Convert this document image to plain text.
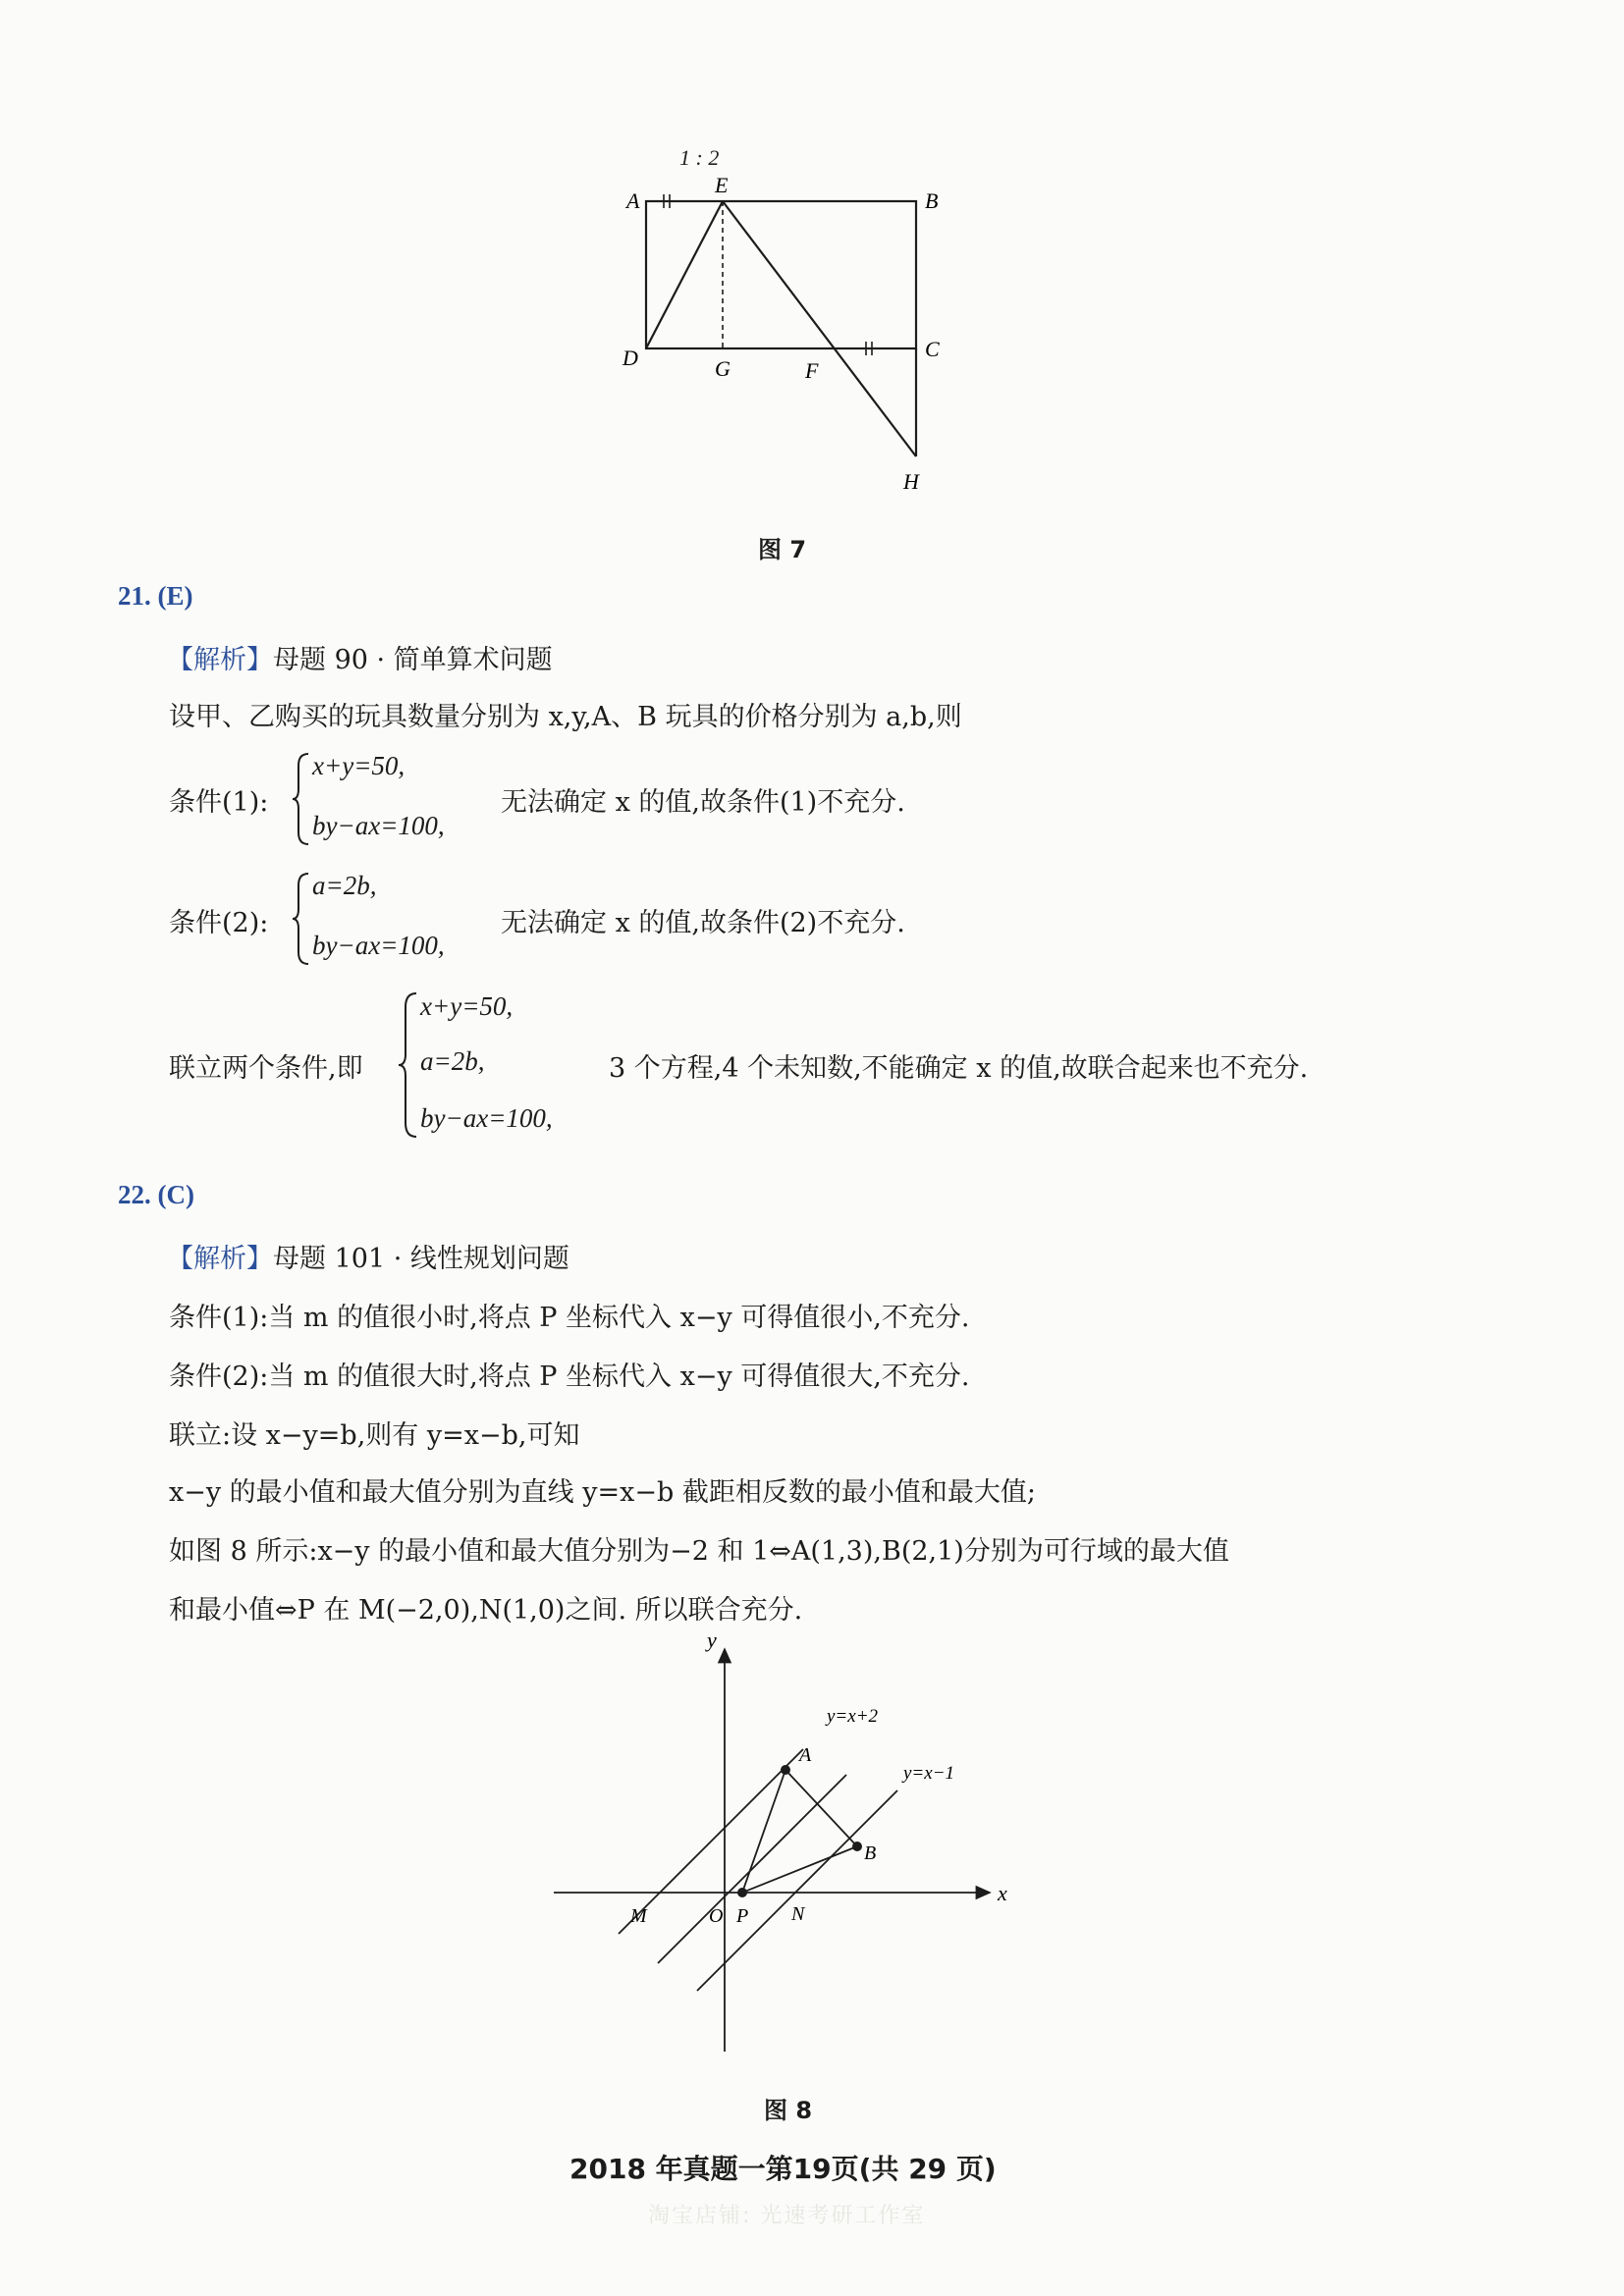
1 : 2
A
E
B
D	G	F
C
H
图 7
21. (E)
【解析】母题 90 · 简单算术问题
设甲、乙购买的玩具数量分别为 x,y,A、B 玩具的价格分别为 a,b,则
条件(1):
x+y=50,
by−ax=100,
无法确定 x 的值,故条件(1)不充分.
条件(2):
a=2b,
by−ax=100,
无法确定 x 的值,故条件(2)不充分.
联立两个条件,即
x+y=50,
a=2b,
by−ax=100,
3 个方程,4 个未知数,不能确定 x 的值,故联合起来也不充分.
22. (C)
【解析】母题 101 · 线性规划问题
条件(1):当 m 的值很小时,将点 P 坐标代入 x−y 可得值很小,不充分.
条件(2):当 m 的值很大时,将点 P 坐标代入 x−y 可得值很大,不充分.
联立:设 x−y=b,则有 y=x−b,可知
x−y 的最小值和最大值分别为直线 y=x−b 截距相反数的最小值和最大值;
如图 8 所示:x−y 的最小值和最大值分别为−2 和 1⇔A(1,3),B(2,1)分别为可行域的最大值
和最小值⇔P 在 M(−2,0),N(1,0)之间. 所以联合充分.
y
x
y=x+2
y=x−1
A
B
M	O P N
图 8
2018 年真题一第19页(共 29 页)
淘宝店铺: 光速考研工作室
